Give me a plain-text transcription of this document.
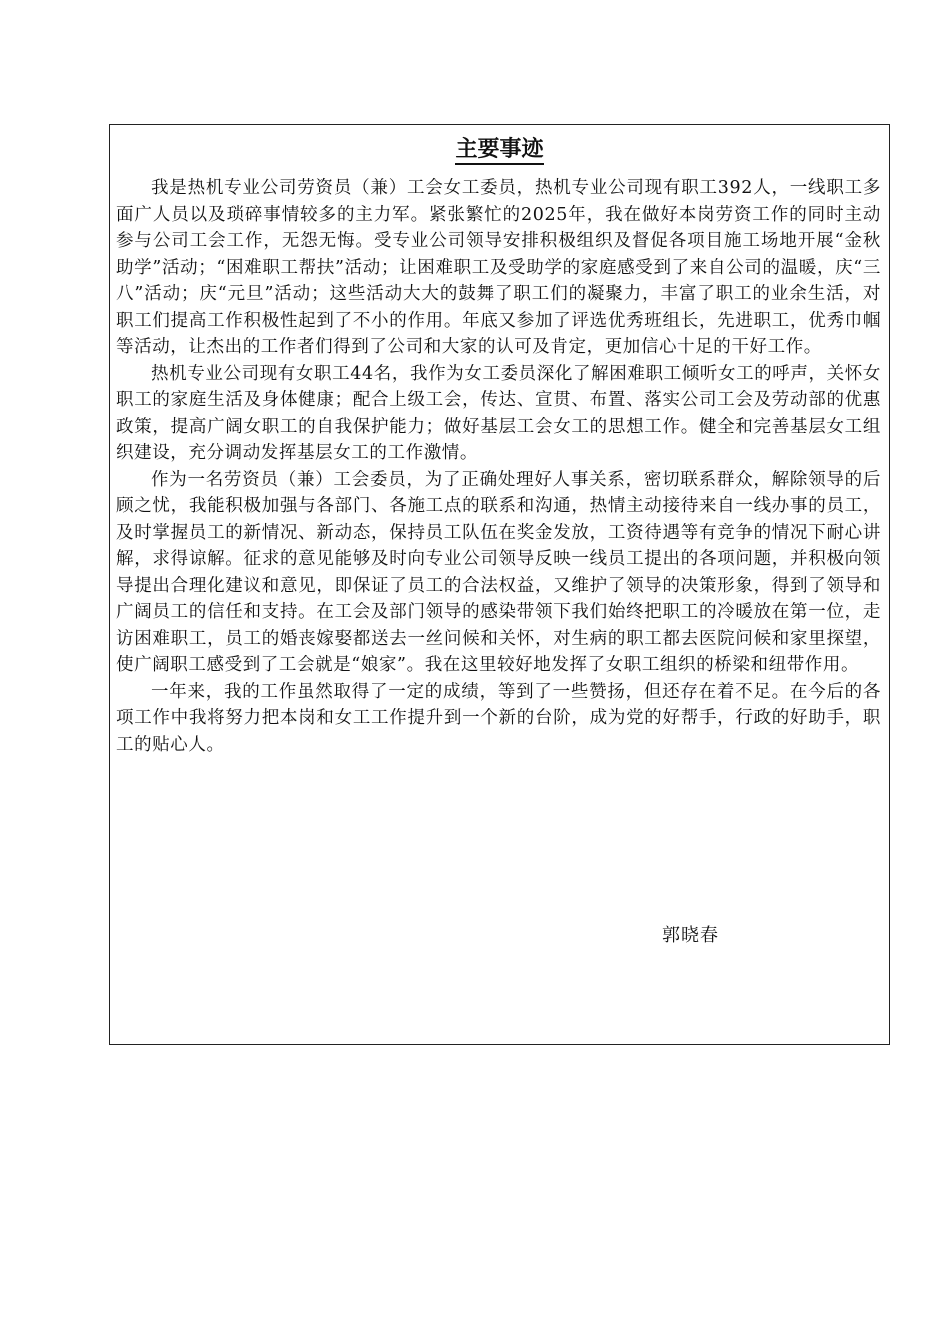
主要事迹

我是热机专业公司劳资员（兼）工会女工委员，热机专业公司现有职工392人，一线职工多面广人员以及琐碎事情较多的主力军。紧张繁忙的2025年，我在做好本岗劳资工作的同时主动参与公司工会工作，无怨无悔。受专业公司领导安排积极组织及督促各项目施工场地开展“金秋助学”活动；“困难职工帮扶”活动；让困难职工及受助学的家庭感受到了来自公司的温暖，庆“三八”活动；庆“元旦”活动；这些活动大大的鼓舞了职工们的凝聚力，丰富了职工的业余生活，对职工们提高工作积极性起到了不小的作用。年底又参加了评选优秀班组长，先进职工，优秀巾帼等活动，让杰出的工作者们得到了公司和大家的认可及肯定，更加信心十足的干好工作。

热机专业公司现有女职工44名，我作为女工委员深化了解困难职工倾听女工的呼声，关怀女职工的家庭生活及身体健康；配合上级工会，传达、宣贯、布置、落实公司工会及劳动部的优惠政策，提高广阔女职工的自我保护能力；做好基层工会女工的思想工作。健全和完善基层女工组织建设，充分调动发挥基层女工的工作激情。

作为一名劳资员（兼）工会委员，为了正确处理好人事关系，密切联系群众，解除领导的后顾之忧，我能积极加强与各部门、各施工点的联系和沟通，热情主动接待来自一线办事的员工，及时掌握员工的新情况、新动态，保持员工队伍在奖金发放，工资待遇等有竞争的情况下耐心讲解，求得谅解。征求的意见能够及时向专业公司领导反映一线员工提出的各项问题，并积极向领导提出合理化建议和意见，即保证了员工的合法权益，又维护了领导的决策形象，得到了领导和广阔员工的信任和支持。在工会及部门领导的感染带领下我们始终把职工的冷暖放在第一位，走访困难职工，员工的婚丧嫁娶都送去一丝问候和关怀，对生病的职工都去医院问候和家里探望，使广阔职工感受到了工会就是“娘家”。我在这里较好地发挥了女职工组织的桥梁和纽带作用。

一年来，我的工作虽然取得了一定的成绩，等到了一些赞扬，但还存在着不足。在今后的各项工作中我将努力把本岗和女工工作提升到一个新的台阶，成为党的好帮手，行政的好助手，职工的贴心人。

郭晓春
